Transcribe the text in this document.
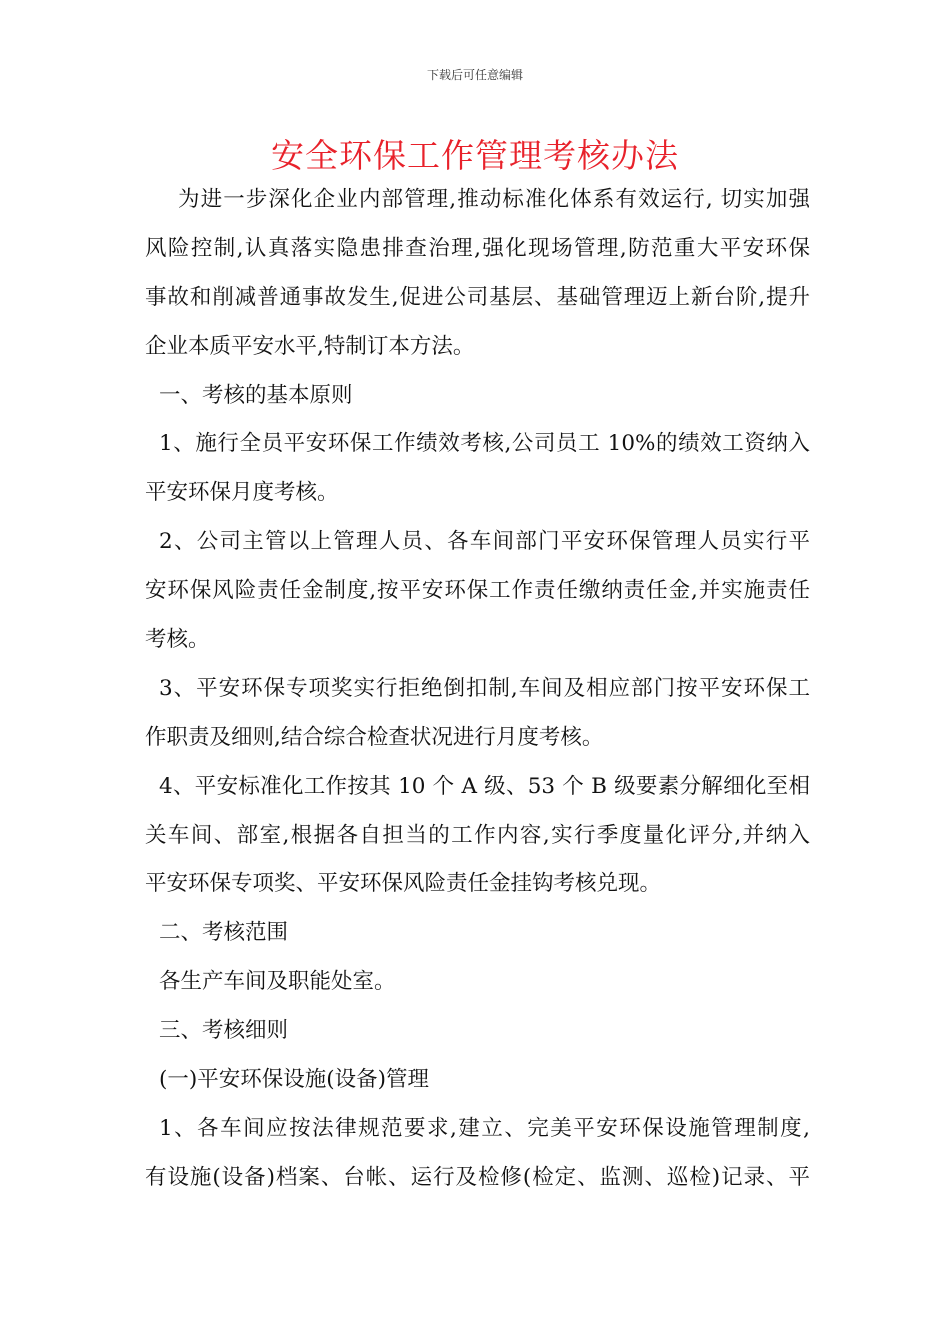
下载后可任意编辑
安全环保工作管理考核办法
为进一步深化企业内部管理,推动标准化体系有效运行, 切实加强
风险控制,认真落实隐患排查治理,强化现场管理,防范重大平安环保
事故和削减普通事故发生,促进公司基层、基础管理迈上新台阶,提升
企业本质平安水平,特制订本方法。
一、考核的基本原则
1、施行全员平安环保工作绩效考核,公司员工 10%的绩效工资纳入
平安环保月度考核。
2、公司主管以上管理人员、各车间部门平安环保管理人员实行平
安环保风险责任金制度,按平安环保工作责任缴纳责任金,并实施责任
考核。
3、平安环保专项奖实行拒绝倒扣制,车间及相应部门按平安环保工
作职责及细则,结合综合检查状况进行月度考核。
4、平安标准化工作按其 10 个 A 级、53 个 B 级要素分解细化至相
关车间、部室,根据各自担当的工作内容,实行季度量化评分,并纳入
平安环保专项奖、平安环保风险责任金挂钩考核兑现。
二、考核范围
各生产车间及职能处室。
三、考核细则
(一)平安环保设施(设备)管理
1、各车间应按法律规范要求,建立、完美平安环保设施管理制度,
有设施(设备)档案、台帐、运行及检修(检定、监测、巡检)记录、平
